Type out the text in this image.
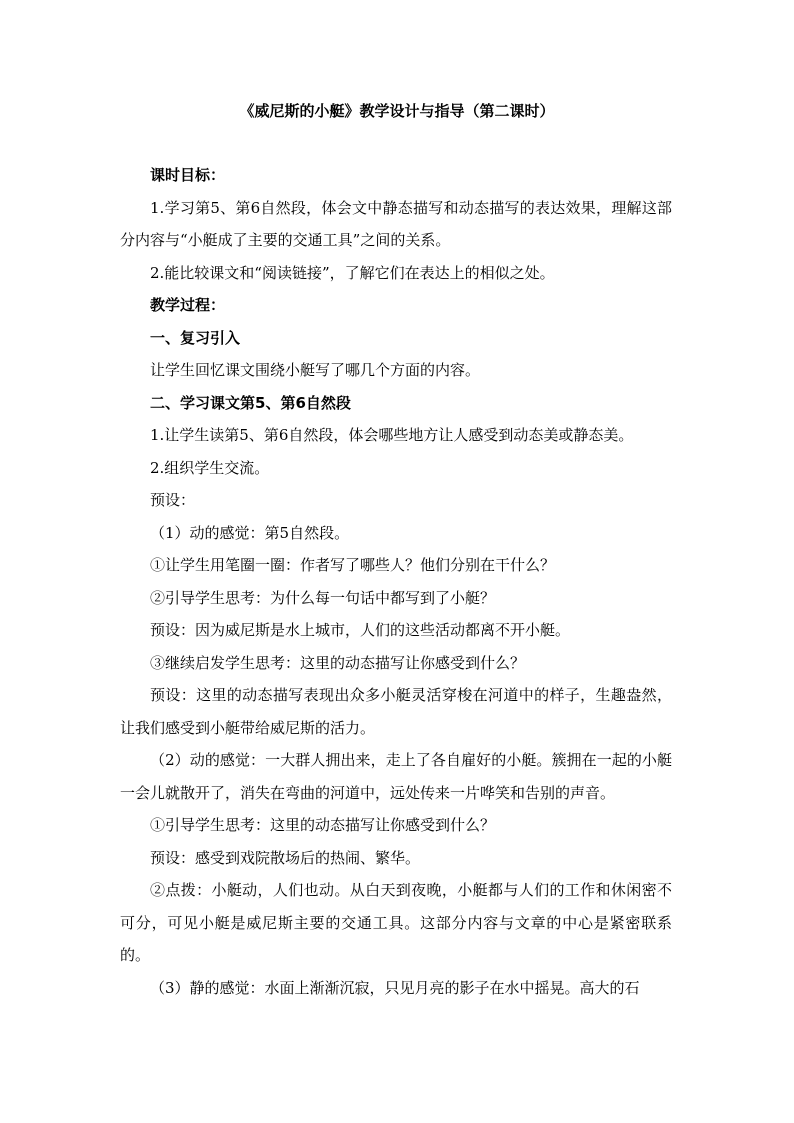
《威尼斯的小艇》教学设计与指导（第二课时）

课时目标：

1.学习第5、第6自然段，体会文中静态描写和动态描写的表达效果，理解这部分内容与“小艇成了主要的交通工具”之间的关系。

2.能比较课文和“阅读链接”，了解它们在表达上的相似之处。

教学过程：

一、复习引入

让学生回忆课文围绕小艇写了哪几个方面的内容。

二、学习课文第5、第6自然段

1.让学生读第5、第6自然段，体会哪些地方让人感受到动态美或静态美。

2.组织学生交流。

预设：

（1）动的感觉：第5自然段。

①让学生用笔圈一圈：作者写了哪些人？他们分别在干什么？

②引导学生思考：为什么每一句话中都写到了小艇？

预设：因为威尼斯是水上城市，人们的这些活动都离不开小艇。

③继续启发学生思考：这里的动态描写让你感受到什么？

预设：这里的动态描写表现出众多小艇灵活穿梭在河道中的样子，生趣盎然，让我们感受到小艇带给威尼斯的活力。

（2）动的感觉：一大群人拥出来，走上了各自雇好的小艇。簇拥在一起的小艇一会儿就散开了，消失在弯曲的河道中，远处传来一片哗笑和告别的声音。

①引导学生思考：这里的动态描写让你感受到什么？

预设：感受到戏院散场后的热闹、繁华。

②点拨：小艇动，人们也动。从白天到夜晚，小艇都与人们的工作和休闲密不可分，可见小艇是威尼斯主要的交通工具。这部分内容与文章的中心是紧密联系的。

（3）静的感觉：水面上渐渐沉寂，只见月亮的影子在水中摇晃。高大的石
